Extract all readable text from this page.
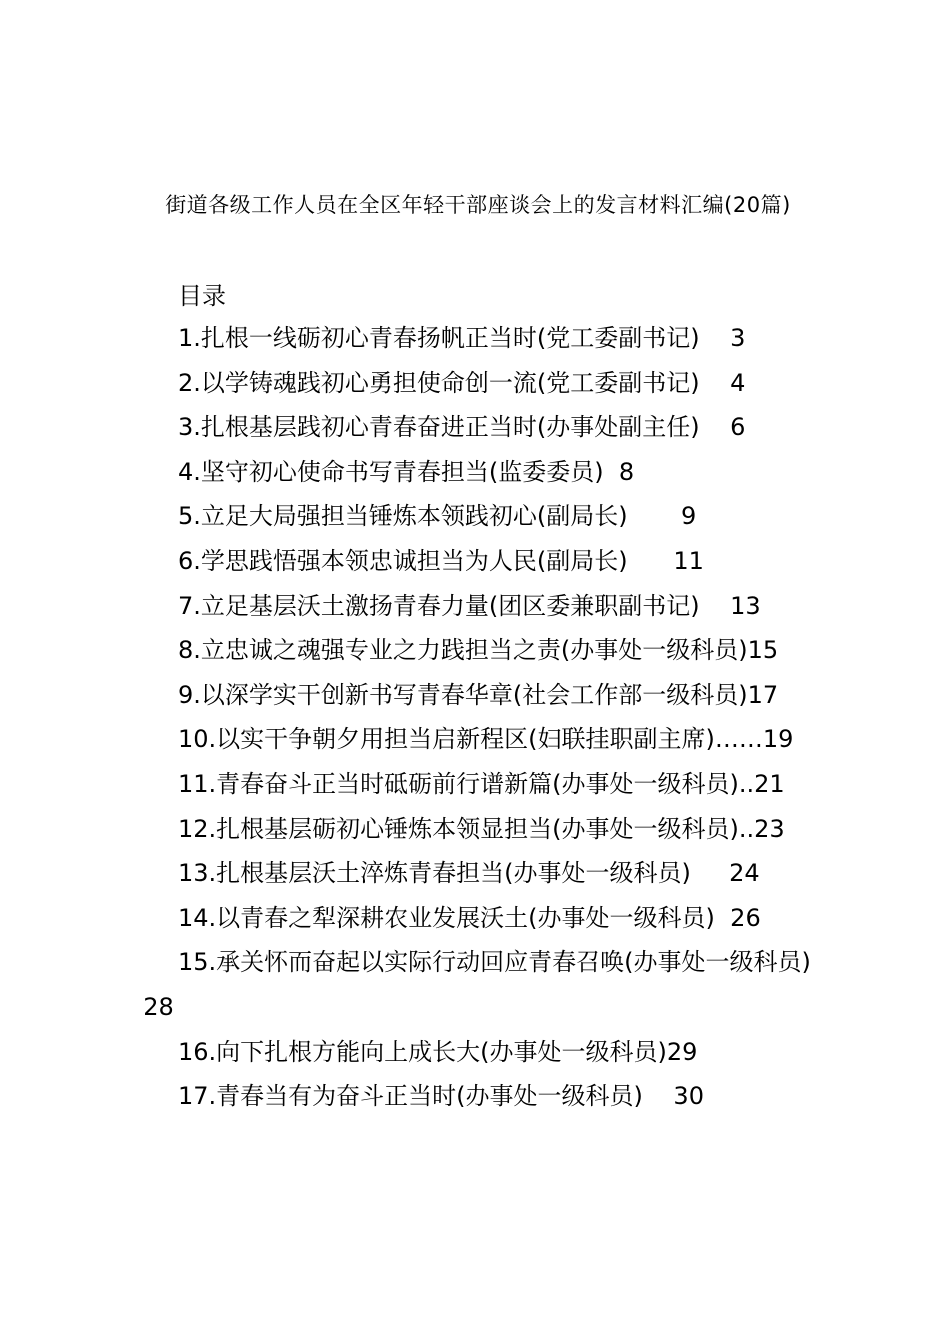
街道各级工作人员在全区年轻干部座谈会上的发言材料汇编(20篇)
目录
1.扎根一线砺初心青春扬帆正当时(党工委副书记) 3
2.以学铸魂践初心勇担使命创一流(党工委副书记) 4
3.扎根基层践初心青春奋进正当时(办事处副主任) 6
4.坚守初心使命书写青春担当(监委委员) 8
5.立足大局强担当锤炼本领践初心(副局长) 9
6.学思践悟强本领忠诚担当为人民(副局长) 11
7.立足基层沃土激扬青春力量(团区委兼职副书记) 13
8.立忠诚之魂强专业之力践担当之责(办事处一级科员)15
9.以深学实干创新书写青春华章(社会工作部一级科员)17
10.以实干争朝夕用担当启新程区(妇联挂职副主席)……19
11.青春奋斗正当时砥砺前行谱新篇(办事处一级科员)..21
12.扎根基层砺初心锤炼本领显担当(办事处一级科员)..23
13.扎根基层沃土淬炼青春担当(办事处一级科员) 24
14.以青春之犁深耕农业发展沃土(办事处一级科员) 26
15.承关怀而奋起以实际行动回应青春召唤(办事处一级科员)  28
16.向下扎根方能向上成长大(办事处一级科员)29
17.青春当有为奋斗正当时(办事处一级科员) 30
